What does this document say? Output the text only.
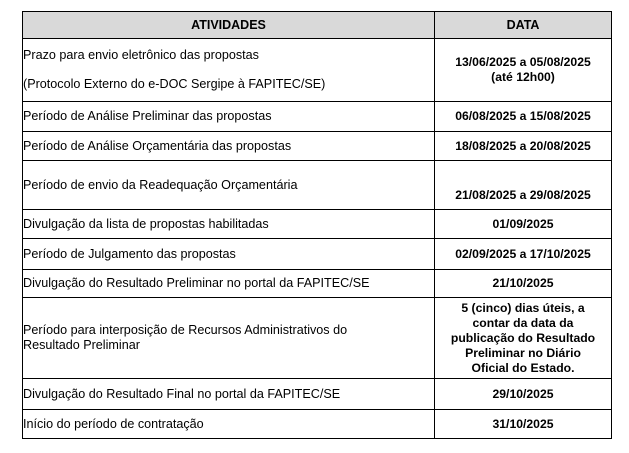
ATIVIDADES	DATA

Prazo para envio eletrônico das propostas
(Protocolo Externo do e-DOC Sergipe à FAPITEC/SE)	13/06/2025 a 05/08/2025
(até 12h00)

Período de Análise Preliminar das propostas	06/08/2025 a 15/08/2025
Período de Análise Orçamentária das propostas	18/08/2025 a 20/08/2025
Período de envio da Readequação Orçamentária	21/08/2025 a 29/08/2025
Divulgação da lista de propostas habilitadas	01/09/2025
Período de Julgamento das propostas	02/09/2025 a 17/10/2025
Divulgação do Resultado Preliminar no portal da FAPITEC/SE	21/10/2025

Período para interposição de Recursos Administrativos do
Resultado Preliminar	5 (cinco) dias úteis, a
contar da data da
publicação do Resultado
Preliminar no Diário
Oficial do Estado.

Divulgação do Resultado Final no portal da FAPITEC/SE	29/10/2025
Início do período de contratação	31/10/2025
